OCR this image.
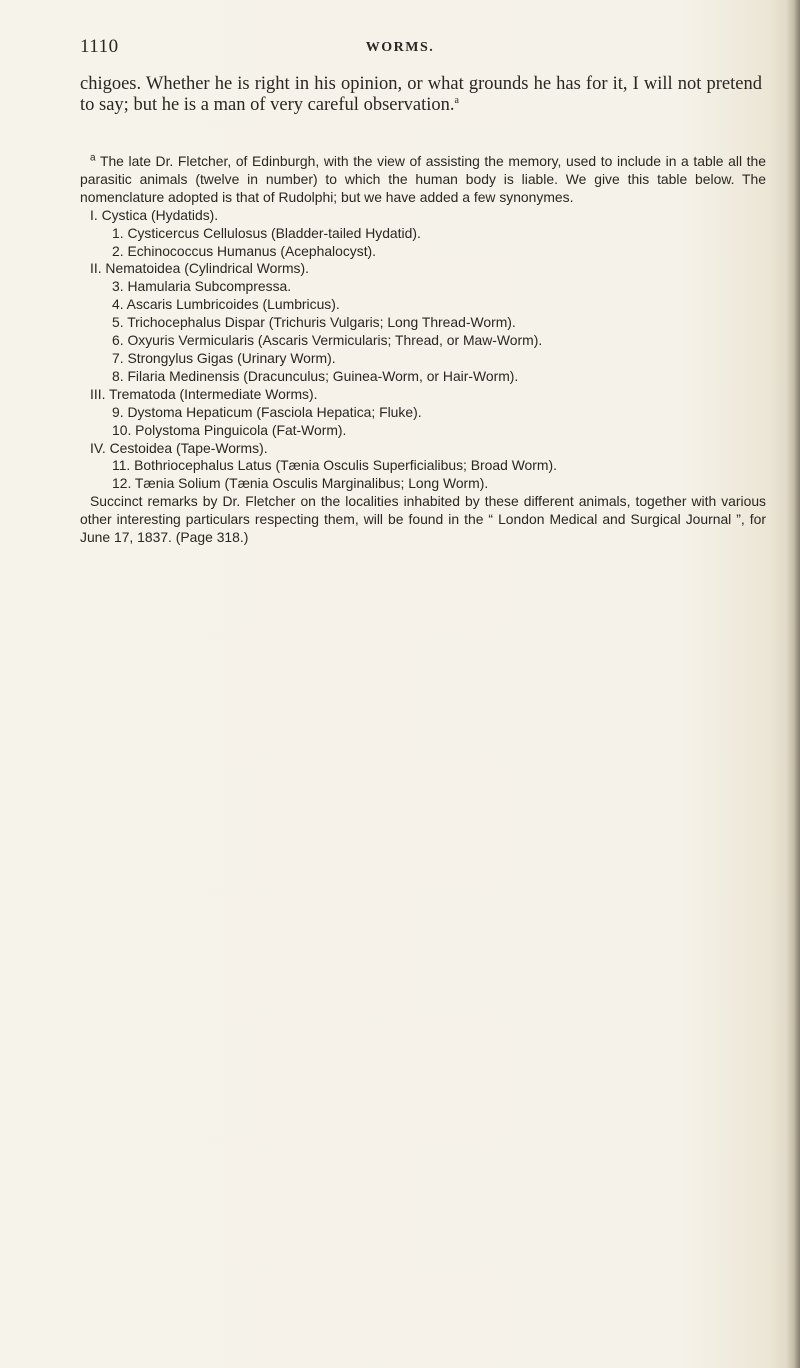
1110	WORMS.

chigoes. Whether he is right in his opinion, or what grounds he has for it, I will not pretend to say; but he is a man of very careful observation.$^a$

$^a$ The late Dr. Fletcher, of Edinburgh, with the view of assisting the memory, used to include in a table all the parasitic animals (twelve in number) to which the human body is liable. We give this table below. The nomenclature adopted is that of Rudolphi; but we have added a few synonymes.

I. Cystica (Hydatids).

1. Cysticercus Cellulosus (Bladder-tailed Hydatid).

2. Echinococcus Humanus (Acephalocyst).

II. Nematoidea (Cylindrical Worms).

3. Hamularia Subcompressa.

4. Ascaris Lumbricoides (Lumbricus).

5. Trichocephalus Dispar (Trichuris Vulgaris; Long Thread-Worm).

6. Oxyuris Vermicularis (Ascaris Vermicularis; Thread, or Maw-Worm).

7. Strongylus Gigas (Urinary Worm).

8. Filaria Medinensis (Dracunculus; Guinea-Worm, or Hair-Worm).

III. Trematoda (Intermediate Worms).

9. Dystoma Hepaticum (Fasciola Hepatica; Fluke).

10. Polystoma Pinguicola (Fat-Worm).

IV. Cestoidea (Tape-Worms).

11. Bothriocephalus Latus (Tænia Osculis Superficialibus; Broad Worm).

12. Tænia Solium (Tænia Osculis Marginalibus; Long Worm).

Succinct remarks by Dr. Fletcher on the localities inhabited by these different animals, together with various other interesting particulars respecting them, will be found in the “ London Medical and Surgical Journal ”, for June 17, 1837. (Page 318.)
